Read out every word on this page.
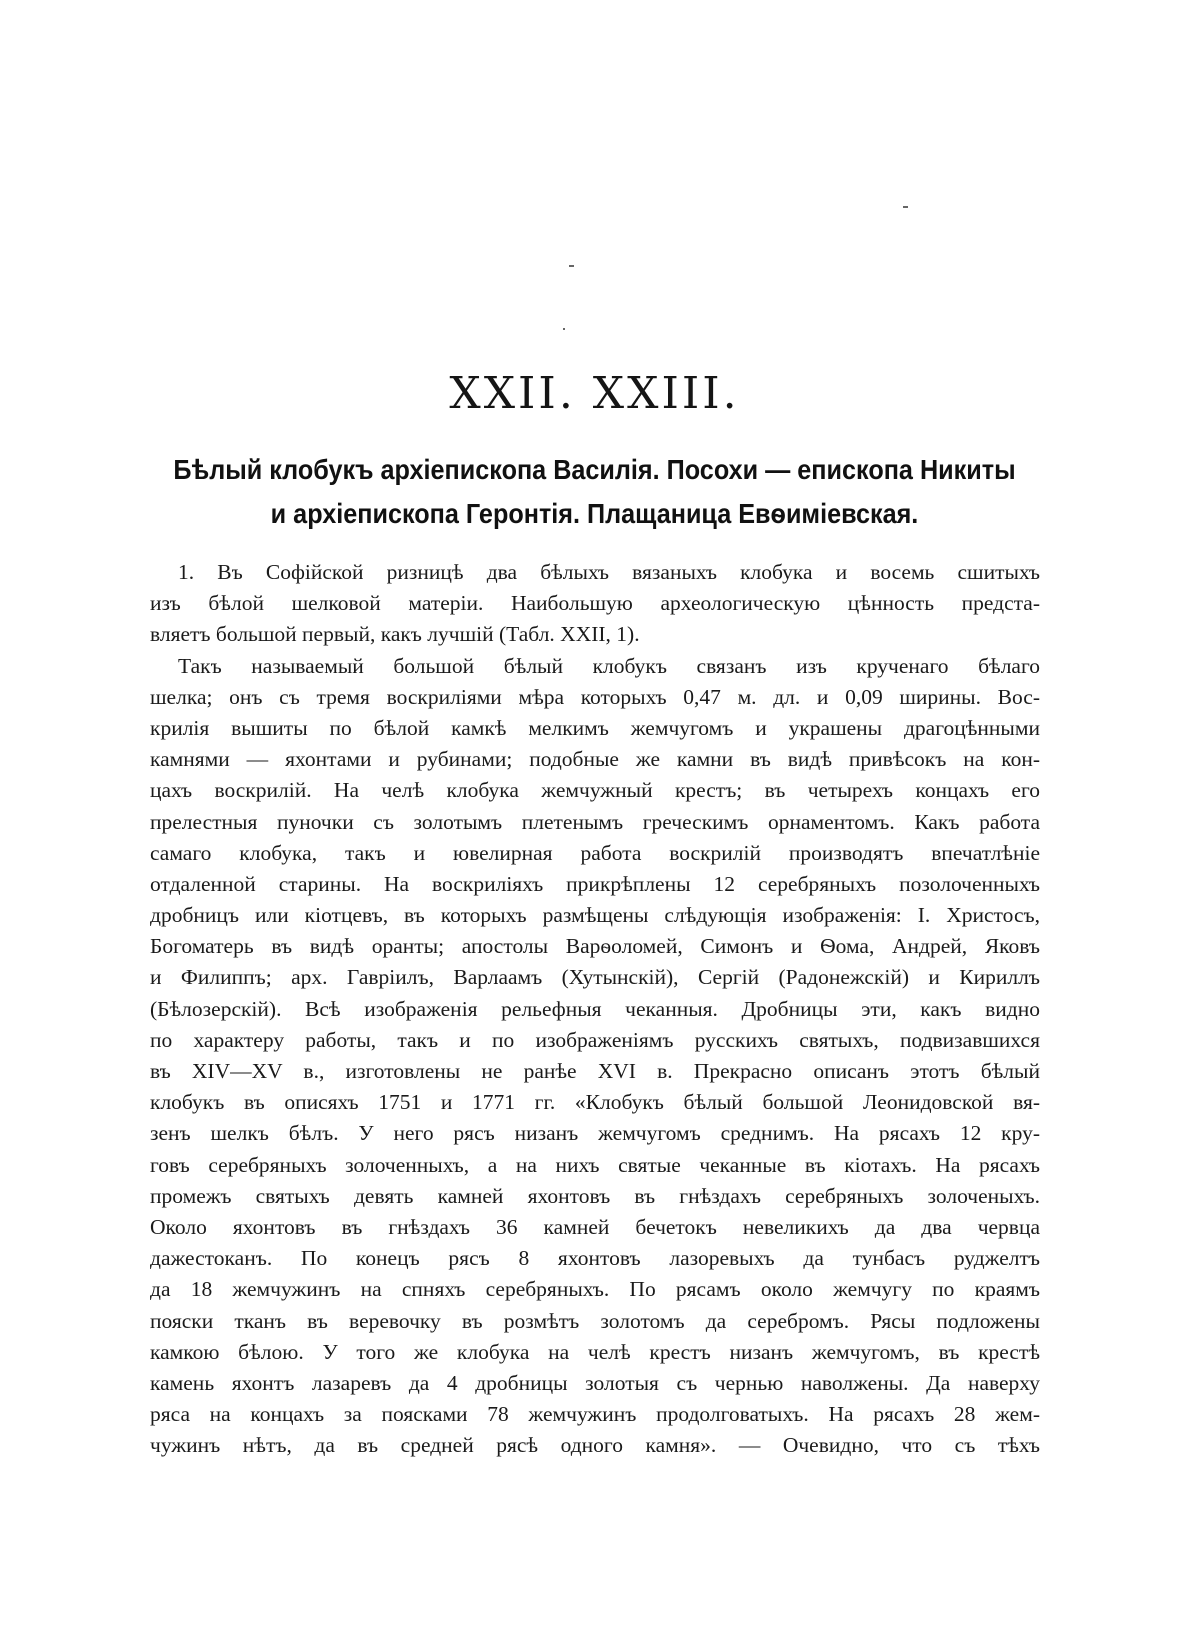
XXII. XXIII.
Бѣлый клобукъ архіепископа Василія. Посохи — епископа Никиты
и архіепископа Геронтія. Плащаница Евѳиміевская.
1. Въ Софійской ризницѣ два бѣлыхъ вязаныхъ клобука и восемь сшитыхъ
изъ бѣлой шелковой матеріи. Наибольшую археологическую цѣнность предста-
вляетъ большой первый, какъ лучшій (Табл. XXII, 1).
Такъ называемый большой бѣлый клобукъ связанъ изъ крученаго бѣлаго
шелка; онъ съ тремя воскриліями мѣра которыхъ 0,47 м. дл. и 0,09 ширины. Вос-
крилія вышиты по бѣлой камкѣ мелкимъ жемчугомъ и украшены драгоцѣнными
камнями — яхонтами и рубинами; подобные же камни въ видѣ привѣсокъ на кон-
цахъ воскрилій. На челѣ клобука жемчужный крестъ; въ четырехъ концахъ его
прелестныя пуночки съ золотымъ плетенымъ греческимъ орнаментомъ. Какъ работа
самаго клобука, такъ и ювелирная работа воскрилій производятъ впечатлѣніе
отдаленной старины. На воскриліяхъ прикрѣплены 12 серебряныхъ позолоченныхъ
дробницъ или кіотцевъ, въ которыхъ размѣщены слѣдующія изображенія: І. Христосъ,
Богоматерь въ видѣ оранты; апостолы Варѳоломей, Симонъ и Ѳома, Андрей, Яковъ
и Филиппъ; арх. Гавріилъ, Варлаамъ (Хутынскій), Сергій (Радонежскій) и Кириллъ
(Бѣлозерскій). Всѣ изображенія рельефныя чеканныя. Дробницы эти, какъ видно
по характеру работы, такъ и по изображеніямъ русскихъ святыхъ, подвизавшихся
въ XIV—XV в., изготовлены не ранѣе XVI в. Прекрасно описанъ этотъ бѣлый
клобукъ въ описяхъ 1751 и 1771 гг. «Клобукъ бѣлый большой Леонидовской вя-
зенъ шелкъ бѣлъ. У него рясъ низанъ жемчугомъ среднимъ. На рясахъ 12 кру-
говъ серебряныхъ золоченныхъ, а на нихъ святые чеканные въ кіотахъ. На рясахъ
промежъ святыхъ девять камней яхонтовъ въ гнѣздахъ серебряныхъ золоченыхъ.
Около яхонтовъ въ гнѣздахъ 36 камней бечетокъ невеликихъ да два червца
дажестоканъ. По конецъ рясъ 8 яхонтовъ лазоревыхъ да тунбасъ руджелтъ
да 18 жемчужинъ на спняхъ серебряныхъ. По рясамъ около жемчугу по краямъ
пояски тканъ въ веревочку въ розмѣтъ золотомъ да серебромъ. Рясы подложены
камкою бѣлою. У того же клобука на челѣ крестъ низанъ жемчугомъ, въ крестѣ
камень яхонтъ лазаревъ да 4 дробницы золотыя съ чернью наволжены. Да наверху
ряса на концахъ за поясками 78 жемчужинъ продолговатыхъ. На рясахъ 28 жем-
чужинъ нѣтъ, да въ средней рясѣ одного камня». — Очевидно, что съ тѣхъ
